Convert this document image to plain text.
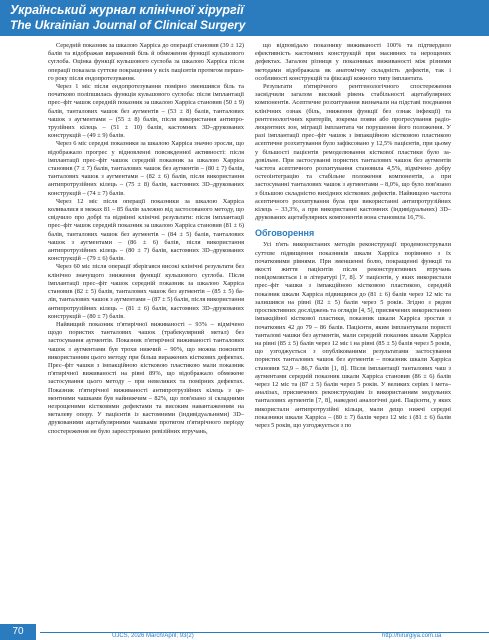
Український журнал клінічної хірургії
The Ukrainian Journal of Clinical Surgery

Середній показник за шкалою Харріса до операції становив (39 ± 12) балів та відображав виражений біль й обмеження функції кульшового суглоба. Оцінка функції кульшового суглоба за шкалою Харріса після операції показала суттєве покращення у всіх пацієнтів протягом першого року після ендопротезування.

Через 1 міс після ендопротезування помірно зменшився біль та початково поліпшилась функція кульшового суглоба: після імплантації прес–фіт чашок середній показник за шкалою Харріса становив (50 ± 9) балів, танталових чашок без аугментів – (53 ± 8) балів, танталових чашок з аугментами – (55 ± 8) балів, після використання антипротрузійних кілець – (51 ± 10) балів, кастомних 3D–друкованих конструкцій – (49 ± 9) балів.

Через 6 міс середні показники за шкалою Харріса значно зросли, що відображало прогрес у відновленні повсякденної активності: після імплантації прес–фіт чашок середній показник за шкалою Харріса становив (7 ± 7) балів, танталових чашок без аугментів – (80 ± 7) балів, танталових чашок з аугментами – (82 ± 6) балів, після використання антипротрузійних кілець – (75 ± 8) балів, кастомних 3D–друкованих конструкцій – (74 ± 7) балів.

Через 12 міс після операції показники за шкалою Харріса коливалися в межах 81 – 85 балів залежно від застосованого методу, що свідчило про добрі та відмінні клінічні результати: після імплантації прес–фіт чашок середній показник за шкалою Харріса становив (81 ± 6) балів, танталових чашок без аугментів – (84 ± 5) балів, танталових чашок з аугментами – (86 ± 6) балів, після використання антипротрузійних кілець – (80 ± 7) балів, кастомних 3D–друкованих конструкцій – (79 ± 6) балів.

Через 60 міс після операції зберігався високі клінічні результати без клінічно значущого зниження функції кульшового суглоба. Після імплантації прес–фіт чашок середній показник за шкалою Харріса становив (82 ± 5) балів, танталових чашок без аугментів – (85 ± 5) балів, танталових чашок з аугментами – (87 ± 5) балів, після використання антипротрузійних кілець – (81 ± 6) балів, кастомних 3D–друкованих конструкцій – (80 ± 7) балів.

Найвищий показник п'ятирічної виживаності – 93% – відмічено щодо пористих танталових чашок (трабекулярний метал) без застосування аугментів. Показник п'ятирічної виживаності танталових чашок з аугментами був трохи нижчий – 90%, що можна пояснити використанням цього методу при більш виражених кісткових дефектах. Прес–фіт чашки з імпакційною кістковою пластикою мали показник п'ятирічної виживаності на рівні 89%, що відображало обмежене застосування цього методу – при невеликих та помірних дефектах. Показник п'ятирічної виживаності антипротрузійних кілець з цементними чашками був найнижчим – 82%, що пов'язано зі складними незрощеними кістковими дефектами та високим навантаженням на металеву опору. У пацієнтів із кастомними (індивідуальними) 3D–друкованими ацетабулярними чашками протягом п'ятирічного періоду спостереження не було зареєстровано ревізійних втручань,

що відповідало показнику виживаності 100% та підтвердило ефективність кастомних конструкцій при масивних та нерощених дефектах. Загалом різниця у показниках виживаності між різними методами відображала як анатомічну складність дефектів, так і особливості конструкцій та фіксації кожного типу імплантата.

Результати п'ятирічного рентгенологічного спостереження засвідчили загалом високий рівень стабільності ацетабулярних компонентів. Асептичне розхитування визначали на підставі поєднання клінічних ознак (біль, зниження функції без ознак інфекції) та рентгенологічних критеріїв, зокрема появи або прогресування радіолюцентних зон, міграції імплантата чи порушення його положення. У разі імплантації прес–фіт чашок з імпакційною кістковою пластикою асептичне розхитування було зафіксовано у 12,5% пацієнтів, при цьому у більшості пацієнтів ремоделювання кісткової пластики було задовільне. При застосуванні пористих танталових чашок без аугментів частота асептичного розхитування становила 4,5%, відмічено добру остеоінтеграцію та стабільне положення компонентів, а при застосуванні танталових чашок з аугментами – 8,0%, що було пов'язано з більшою складністю вихідних кісткових дефектів. Найвищою частота асептичного розхитування була при використанні антипротрузійних кілець – 33,3%, а при використанні кастомних (індивідуальних) 3D–друкованих ацетабулярних компонентів вона становила 16,7%.

Обговорення

Усі п'ять використаних методів реконструкції продемонстрували суттєве підвищення показників шкали Харріса порівняно з їх початковими рівнями. При зменшенні болю, покращенні функції та якості життя пацієнтів після реконструктивних втручань повідомляється і в літературі [7, 8]. У пацієнтів, у яких використали прес–фіт чашки з імпакційною кістковою пластикою, середній показник шкали Харріса підвищився до (81 ± 6) балів через 12 міс та залишився на рівні (82 ± 5) балів через 5 років. Згідно з рядом проспективних досліджень та оглядів [4, 5], присвячених використанню імпакційної кісткової пластики, показник шкали Харріса зростав з початкових 42 до 79 – 86 балів. Пацієнти, яким імплантували пористі танталові чашки без аугментів, мали середній показник шкали Харріса на рівні (85 ± 5) балів через 12 міс і на рівні (85 ± 5) балів через 5 років, що узгоджується з опублікованими результатами застосування пористих танталових чашок без аугментів – показник шкали Харріса становив 52,9 – 86,7 балів [1, 8]. Після імплантації танталових чаш з аугментами середній показник шкали Харріса становив (86 ± 6) балів через 12 міс та (87 ± 5) балів через 5 років. У великих серіях і мета–аналізах, присвячених реконструкціям із використанням модульних танталових аугментів [7, 8], наведені аналогічні дані. Пацієнти, у яких використали антипротрузійні кільця, мали дещо нижчі середні показники шкали Харріса – (80 ± 7) балів через 12 міс і (81 ± 6) балів через 5 років, що узгоджується з по

70	UJCS, 2026 March/April; 93(2)	http://hirurgiya.com.ua
